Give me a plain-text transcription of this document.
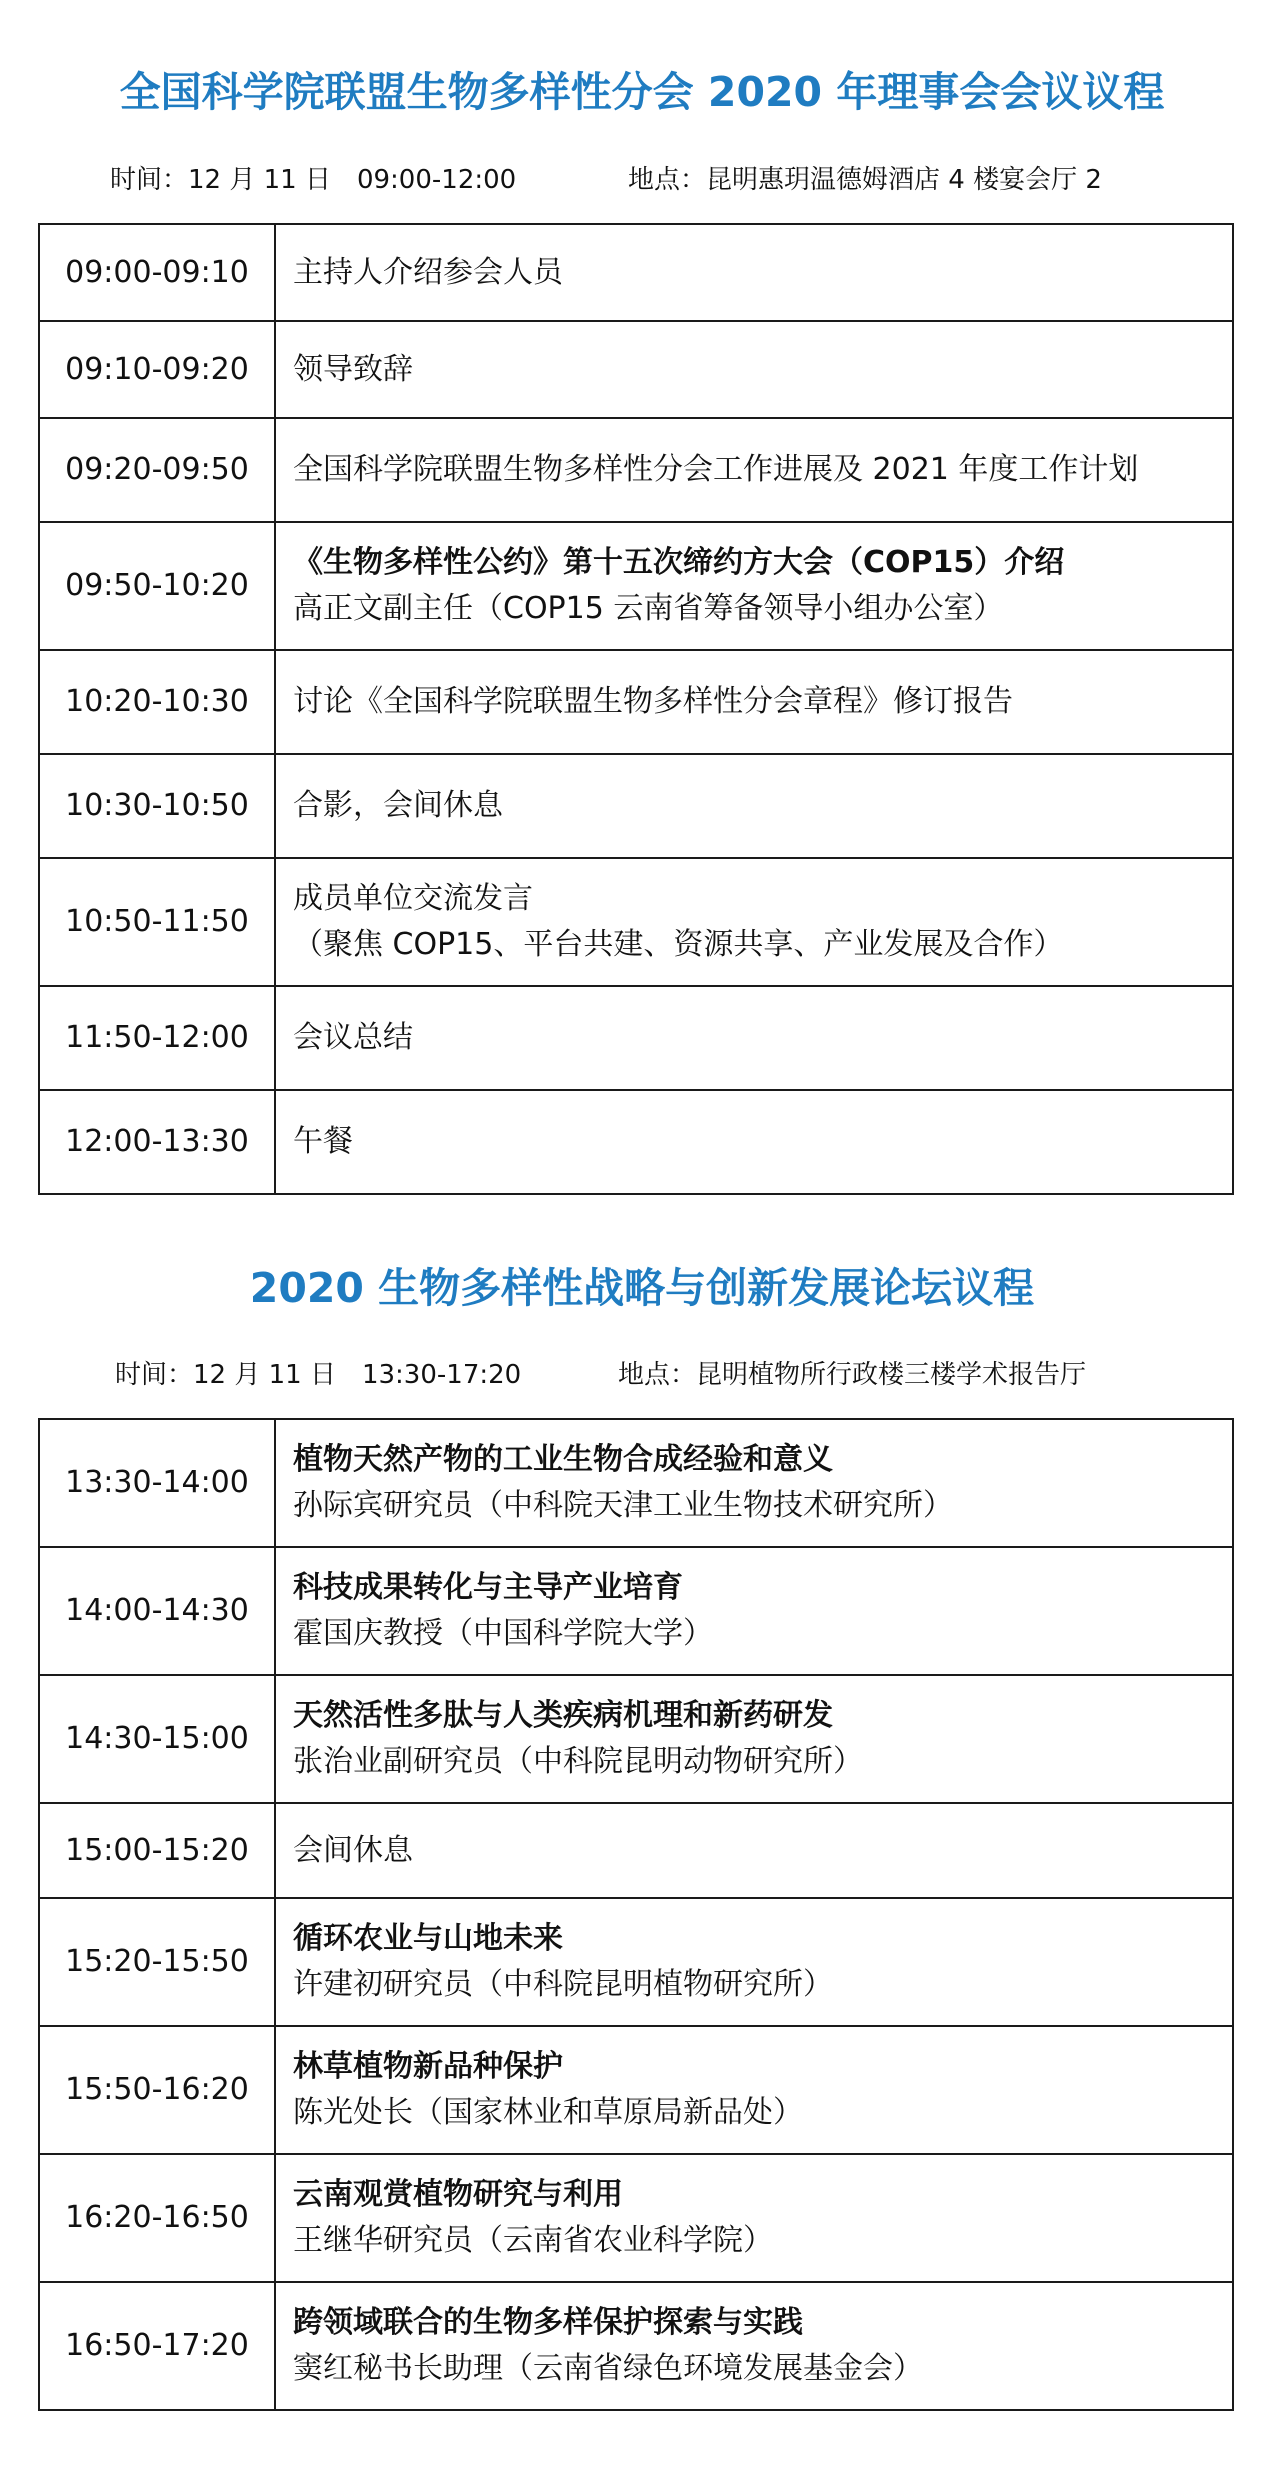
全国科学院联盟生物多样性分会 2020 年理事会会议议程
时间：12 月 11 日　09:00-12:00	地点：昆明惠玥温德姆酒店 4 楼宴会厅 2
09:00-09:10	主持人介绍参会人员

09:10-09:20	领导致辞

09:20-09:50	全国科学院联盟生物多样性分会工作进展及 2021 年度工作计划

09:50-10:20	《生物多样性公约》第十五次缔约方大会（COP15）介绍
高正文副主任（COP15 云南省筹备领导小组办公室）

10:20-10:30	讨论《全国科学院联盟生物多样性分会章程》修订报告

10:30-10:50	合影，会间休息

10:50-11:50	成员单位交流发言
（聚焦 COP15、平台共建、资源共享、产业发展及合作）

11:50-12:00	会议总结

12:00-13:30	午餐
2020 生物多样性战略与创新发展论坛议程
时间：12 月 11 日　13:30-17:20	地点：昆明植物所行政楼三楼学术报告厅
13:30-14:00	植物天然产物的工业生物合成经验和意义
孙际宾研究员（中科院天津工业生物技术研究所）

14:00-14:30	科技成果转化与主导产业培育
霍国庆教授（中国科学院大学）

14:30-15:00	天然活性多肽与人类疾病机理和新药研发
张治业副研究员（中科院昆明动物研究所）

15:00-15:20	会间休息

15:20-15:50	循环农业与山地未来
许建初研究员（中科院昆明植物研究所）

15:50-16:20	林草植物新品种保护
陈光处长（国家林业和草原局新品处）

16:20-16:50	云南观赏植物研究与利用
王继华研究员（云南省农业科学院）

16:50-17:20	跨领域联合的生物多样保护探索与实践
窦红秘书长助理（云南省绿色环境发展基金会）
